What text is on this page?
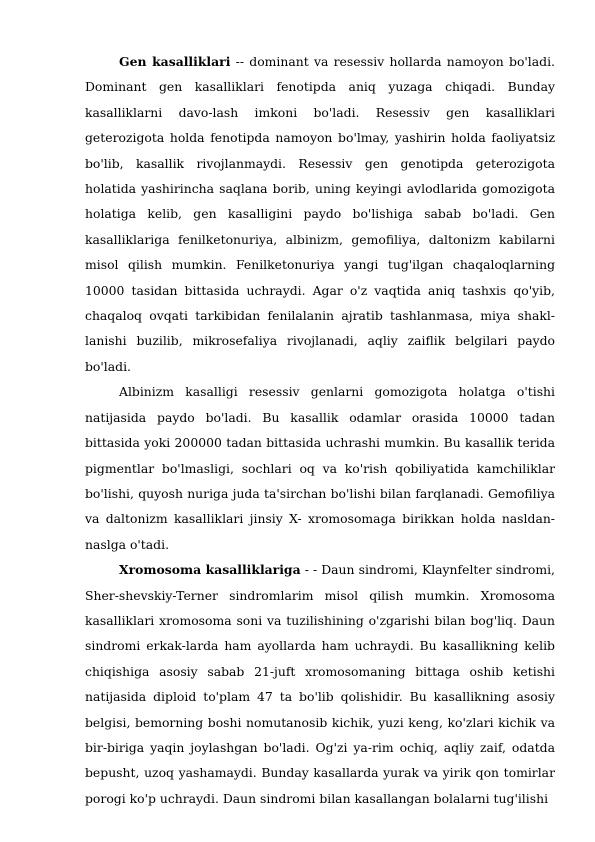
Gen kasalliklari -- dominant va resessiv hollarda namoyon bo'ladi. Dominant gen kasalliklari fenotipda aniq yuzaga chiqadi. Bunday kasalliklarni davo-lash imkoni bo'ladi. Resessiv gen kasalliklari geterozigota holda fenotipda namoyon bo'lmay, yashirin holda faoliyatsiz bo'lib, kasallik rivojlanmaydi. Resessiv gen genotipda geterozigota holatida yashirincha saqlana borib, uning keyingi avlodlarida gomozigota holatiga kelib, gen kasalligini paydo bo'lishiga sabab bo'ladi. Gen kasalliklariga fenilketonuriya, albinizm, gemofiliya, daltonizm kabilarni misol qilish mumkin. Fenilketonuriya yangi tug'ilgan chaqaloqlarning 10000 tasidan bittasida uchraydi. Agar o'z vaqtida aniq tashxis qo'yib, chaqaloq ovqati tarkibidan fenilalanin ajratib tashlanmasa, miya shakl-lanishi buzilib, mikrosefaliya rivojlanadi, aqliy zaiflik belgilari paydo bo'ladi.

Albinizm kasalligi resessiv genlarni gomozigota holatga o'tishi natijasida paydo bo'ladi. Bu kasallik odamlar orasida 10000 tadan bittasida yoki 200000 tadan bittasida uchrashi mumkin. Bu kasallik terida pigmentlar bo'lmasligi, sochlari oq va ko'rish qobiliyatida kamchiliklar bo'lishi, quyosh nuriga juda ta'sirchan bo'lishi bilan farqlanadi. Gemofiliya va daltonizm kasalliklari jinsiy X- xromosomaga birikkan holda nasldan-naslga o'tadi.

Xromosoma kasalliklariga - - Daun sindromi, Klaynfelter sindromi, Sher-shevskiy-Terner sindromlarim misol qilish mumkin. Xromosoma kasalliklari xromosoma soni va tuzilishining o'zgarishi bilan bog'liq. Daun sindromi erkak-larda ham ayollarda ham uchraydi. Bu kasallikning kelib chiqishiga asosiy sabab 21-juft xromosomaning bittaga oshib ketishi natijasida diploid to'plam 47 ta bo'lib qolishidir. Bu kasallikning asosiy belgisi, bemorning boshi nomutanosib kichik, yuzi keng, ko'zlari kichik va bir-biriga yaqin joylashgan bo'ladi. Og'zi ya-rim ochiq, aqliy zaif, odatda bepusht, uzoq yashamaydi. Bunday kasallarda yurak va yirik qon tomirlar porogi ko'p uchraydi. Daun sindromi bilan kasallangan bolalarni tug'ilishi
